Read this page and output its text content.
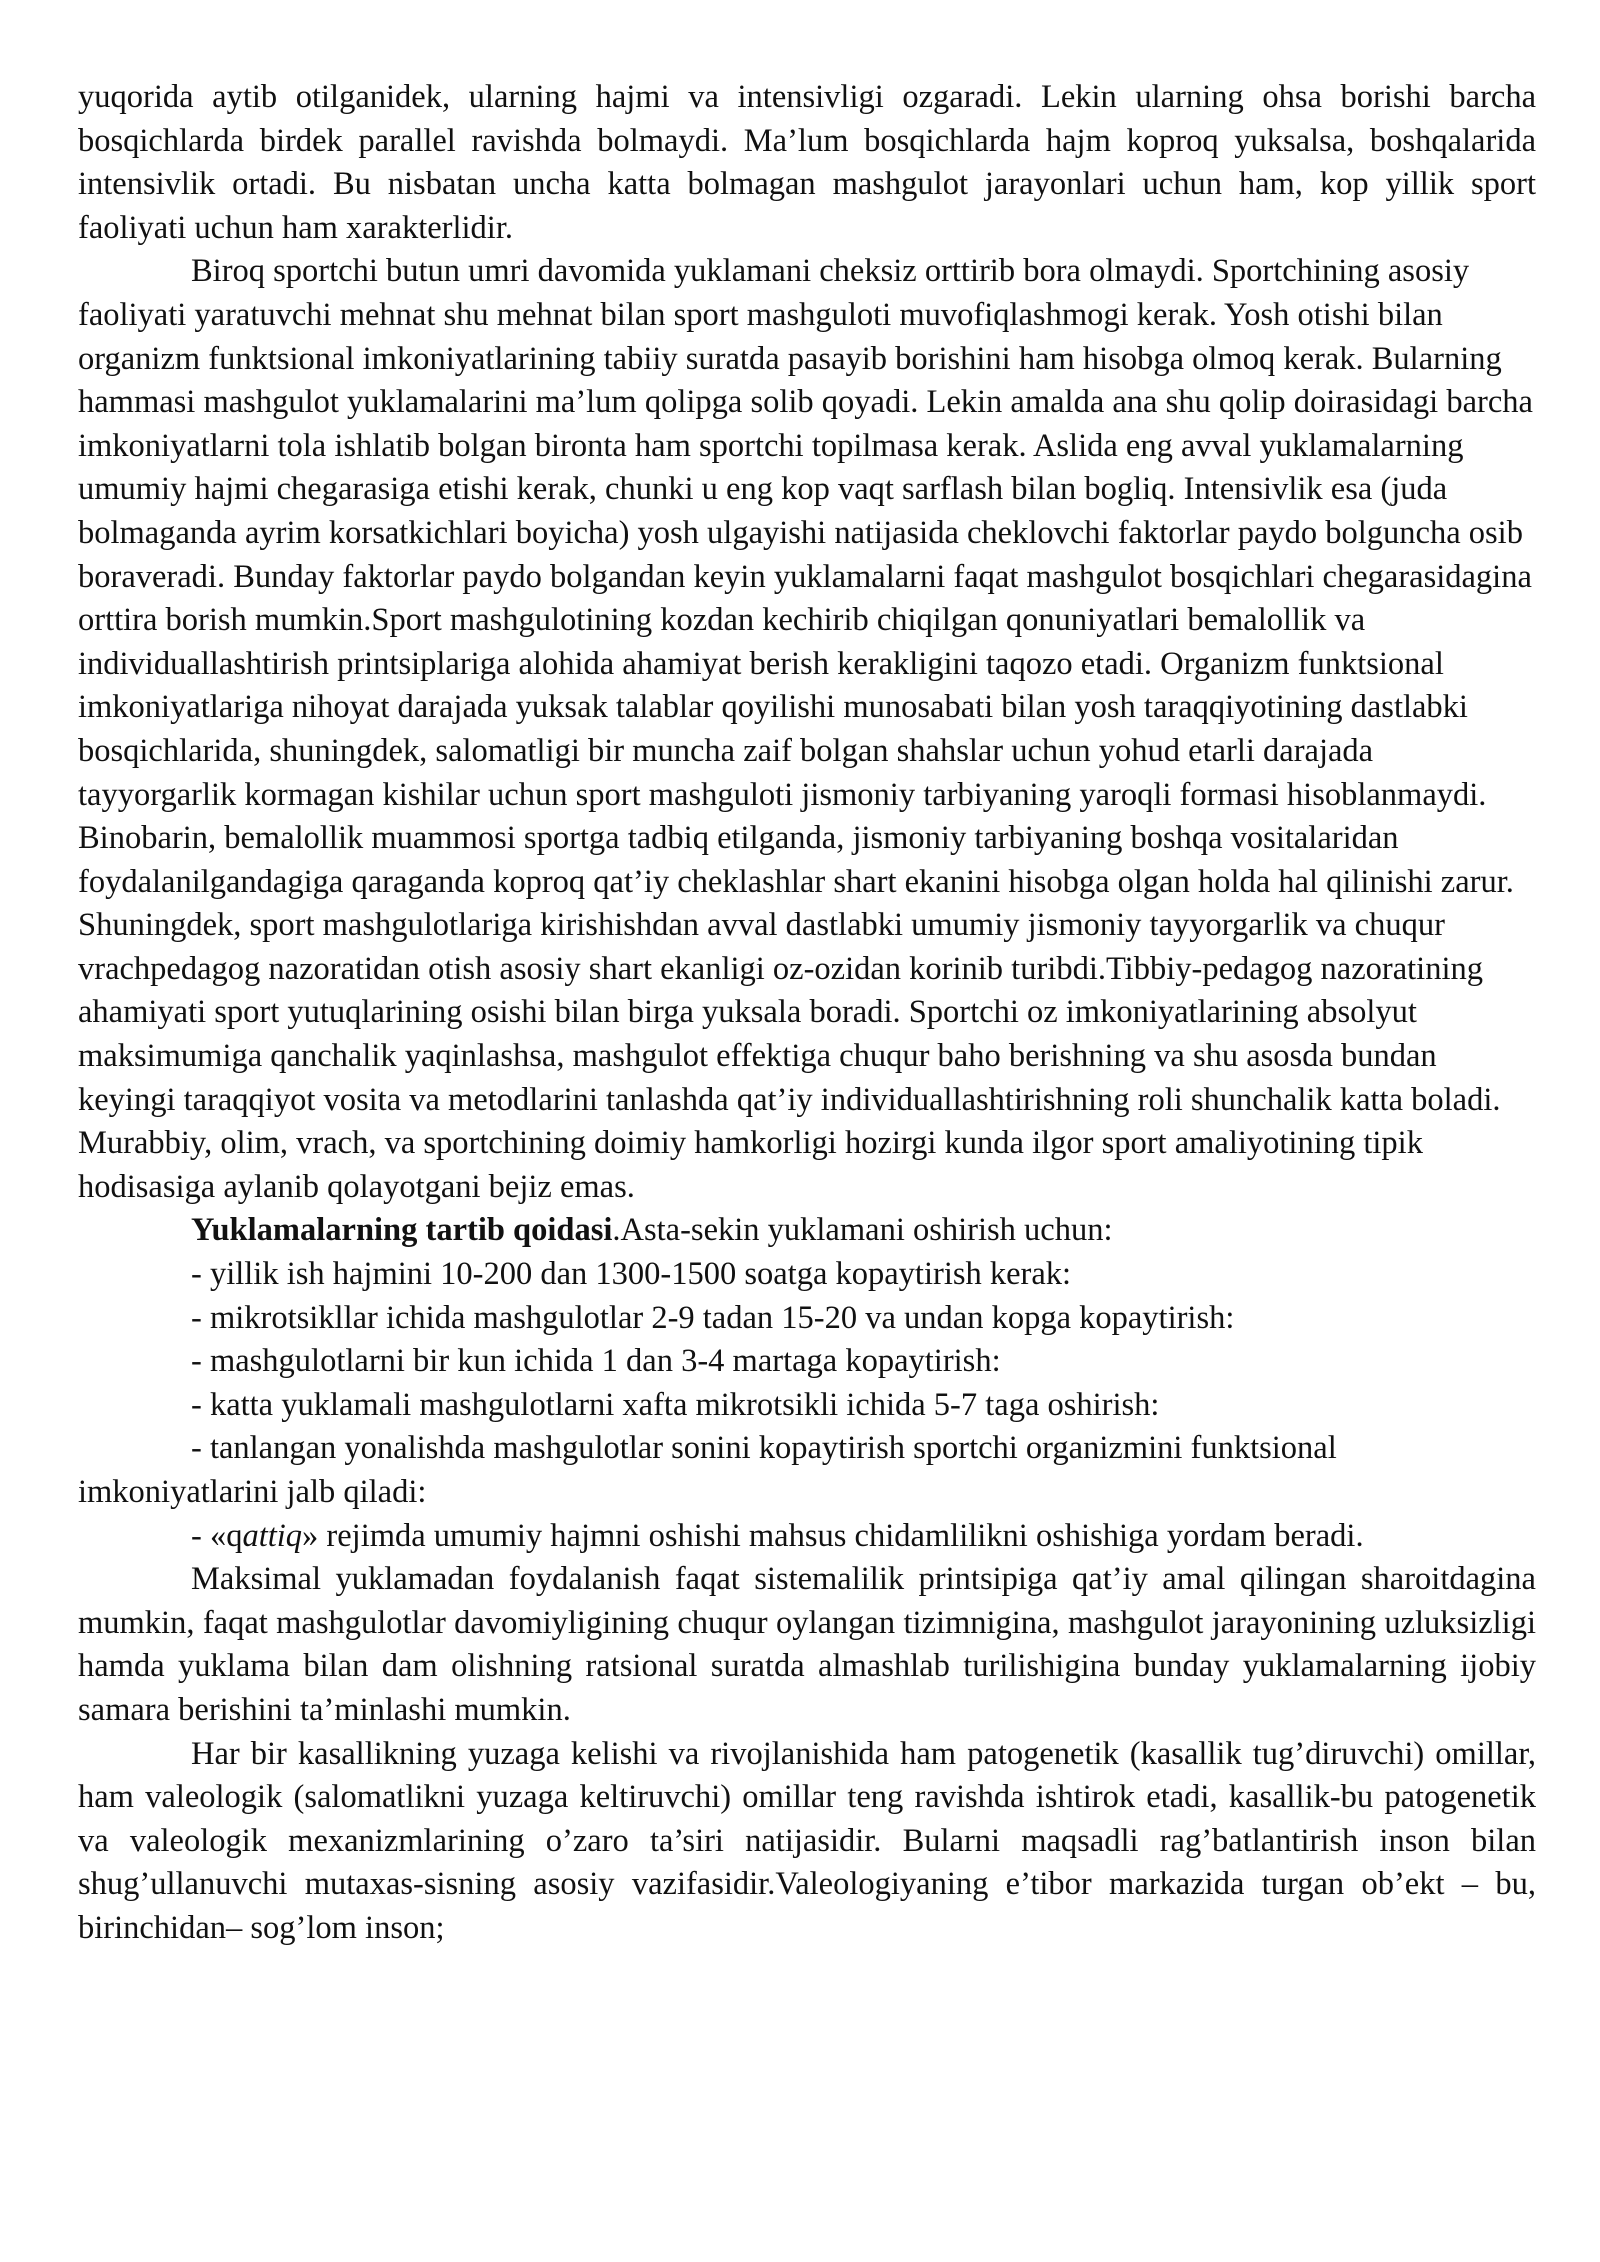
yuqorida aytib otilganidek, ularning hajmi va intensivligi ozgaradi. Lekin ularning ohsa borishi barcha bosqichlarda birdek parallel ravishda bolmaydi. Ma’lum bosqichlarda hajm koproq yuksalsa, boshqalarida intensivlik ortadi. Bu nisbatan uncha katta bolmagan mashgulot jarayonlari uchun ham, kop yillik sport faoliyati uchun ham xarakterlidir.

Biroq sportchi butun umri davomida yuklamani cheksiz orttirib bora olmaydi. Sportchining asosiy faoliyati yaratuvchi mehnat shu mehnat bilan sport mashguloti muvofiqlashmogi kerak. Yosh otishi bilan organizm funktsional imkoniyatlarining tabiiy suratda pasayib borishini ham hisobga olmoq kerak. Bularning hammasi mashgulot yuklamalarini ma’lum qolipga solib qoyadi. Lekin amalda ana shu qolip doirasidagi barcha imkoniyatlarni tola ishlatib bolgan bironta ham sportchi topilmasa kerak. Aslida eng avval yuklamalarning umumiy hajmi chegarasiga etishi kerak, chunki u eng kop vaqt sarflash bilan bogliq. Intensivlik esa (juda bolmaganda ayrim korsatkichlari boyicha) yosh ulgayishi natijasida cheklovchi faktorlar paydo bolguncha osib boraveradi. Bunday faktorlar paydo bolgandan keyin yuklamalarni faqat mashgulot bosqichlari chegarasidagina orttira borish mumkin.Sport mashgulotining kozdan kechirib chiqilgan qonuniyatlari bemalollik va individuallashtirish printsiplariga alohida ahamiyat berish kerakligini taqozo etadi. Organizm funktsional imkoniyatlariga nihoyat darajada yuksak talablar qoyilishi munosabati bilan yosh taraqqiyotining dastlabki bosqichlarida, shuningdek, salomatligi bir muncha zaif bolgan shahslar uchun yohud etarli darajada tayyorgarlik kormagan kishilar uchun sport mashguloti jismoniy tarbiyaning yaroqli formasi hisoblanmaydi. Binobarin, bemalollik muammosi sportga tadbiq etilganda, jismoniy tarbiyaning boshqa vositalaridan foydalanilgandagiga qaraganda koproq qat’iy cheklashlar shart ekanini hisobga olgan holda hal qilinishi zarur. Shuningdek, sport mashgulotlariga kirishishdan avval dastlabki umumiy jismoniy tayyorgarlik va chuqur vrachpedagog nazoratidan otish asosiy shart ekanligi oz-ozidan korinib turibdi.Tibbiy-pedagog nazoratining ahamiyati sport yutuqlarining osishi bilan birga yuksala boradi. Sportchi oz imkoniyatlarining absolyut maksimumiga qanchalik yaqinlashsa, mashgulot effektiga chuqur baho berishning va shu asosda bundan keyingi taraqqiyot vosita va metodlarini tanlashda qat’iy individuallashtirishning roli shunchalik katta boladi. Murabbiy, olim, vrach, va sportchining doimiy hamkorligi hozirgi kunda ilgor sport amaliyotining tipik hodisasiga aylanib qolayotgani bejiz emas.

Yuklamalarning tartib qoidasi.Asta-sekin yuklamani oshirish uchun:

- yillik ish hajmini 10-200 dan 1300-1500 soatga kopaytirish kerak:

- mikrotsikllar ichida mashgulotlar 2-9 tadan 15-20 va undan kopga kopaytirish:

- mashgulotlarni bir kun ichida 1 dan 3-4 martaga kopaytirish:

- katta yuklamali mashgulotlarni xafta mikrotsikli ichida 5-7 taga oshirish:

- tanlangan yonalishda mashgulotlar sonini kopaytirish sportchi organizmini funktsional imkoniyatlarini jalb qiladi:

- «qattiq» rejimda umumiy hajmni oshishi mahsus chidamlilikni oshishiga yordam beradi.

Maksimal yuklamadan foydalanish faqat sistemalilik printsipiga qat’iy amal qilingan sharoitdagina mumkin, faqat mashgulotlar davomiyligining chuqur oylangan tizimnigina, mashgulot jarayonining uzluksizligi hamda yuklama bilan dam olishning ratsional suratda almashlab turilishigina bunday yuklamalarning ijobiy samara berishini ta’minlashi mumkin.

Har bir kasallikning yuzaga kelishi va rivojlanishida ham patogenetik (kasallik tug’diruvchi) omillar, ham valeologik (salomatlikni yuzaga keltiruvchi) omillar teng ravishda ishtirok etadi, kasallik-bu patogenetik va valeologik mexanizmlarining o’zaro ta’siri natijasidir. Bularni maqsadli rag’batlantirish inson bilan shug’ullanuvchi mutaxas-sisning asosiy vazifasidir.Valeologiyaning e’tibor markazida turgan ob’ekt – bu, birinchidan– sog’lom inson;
